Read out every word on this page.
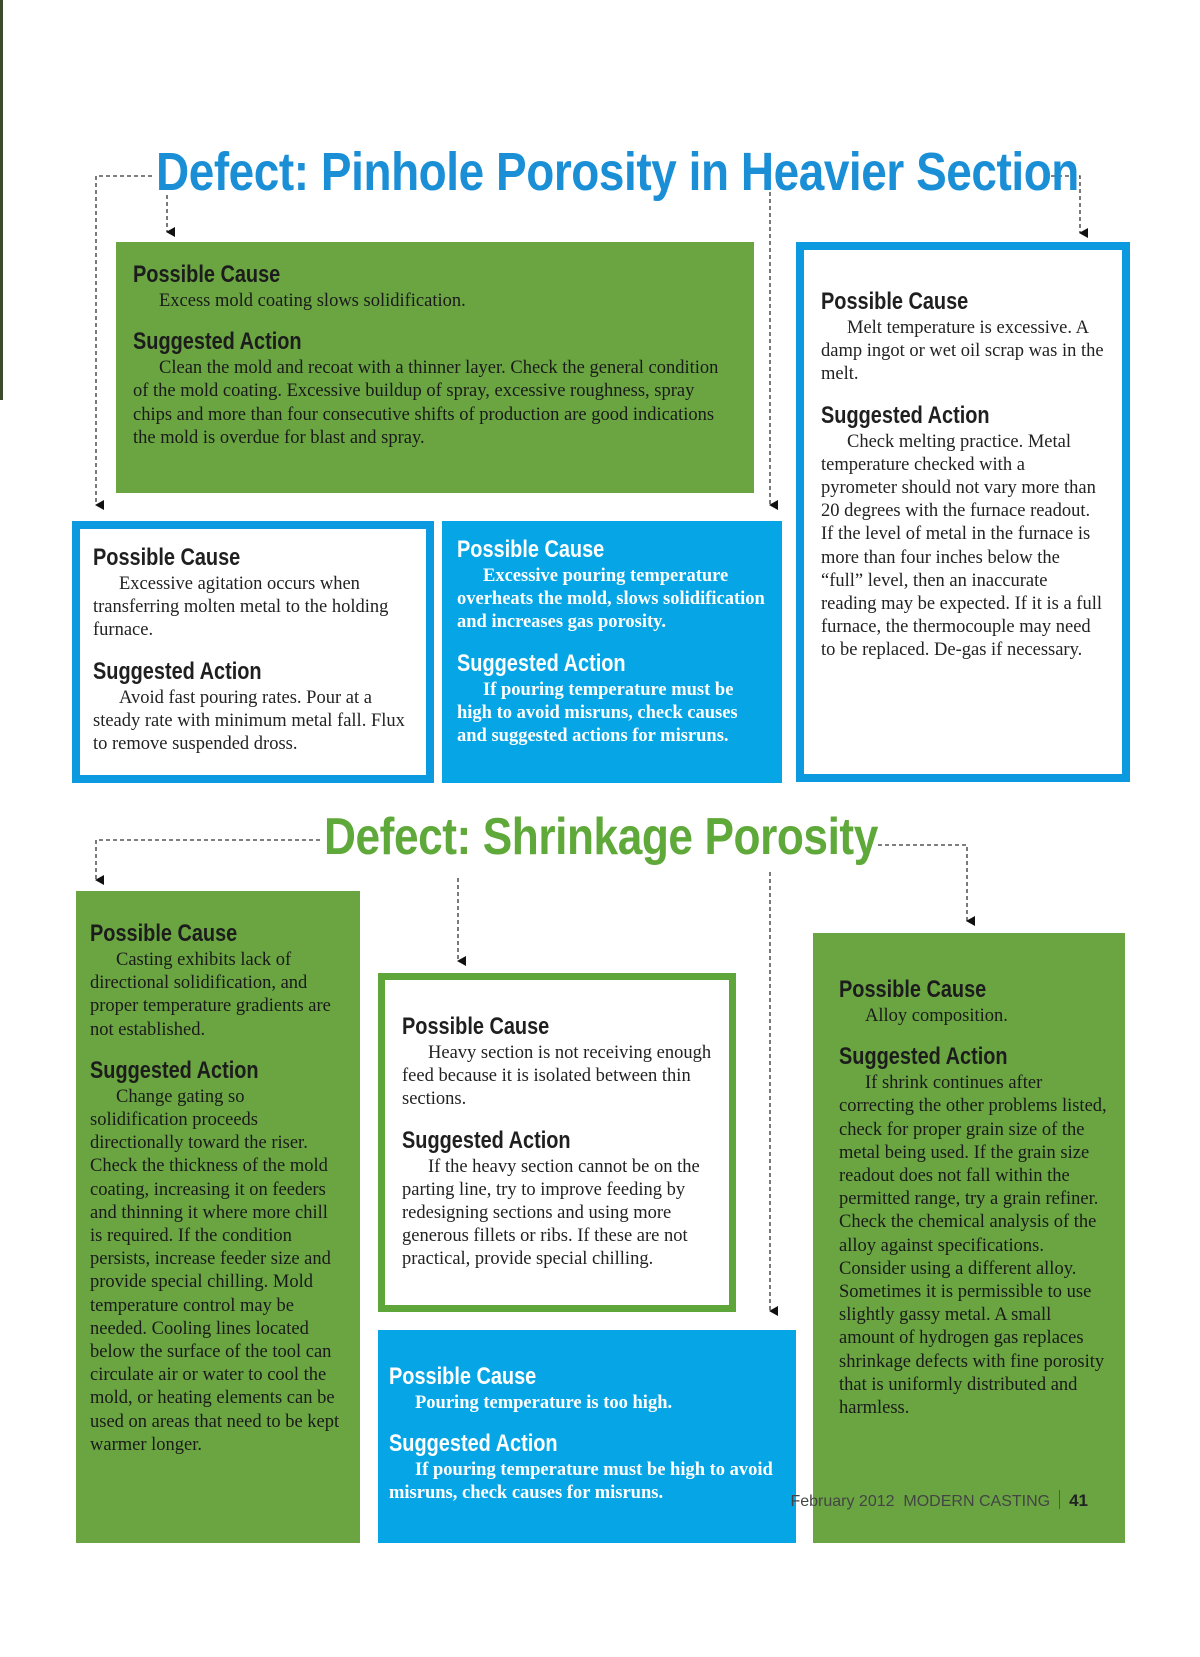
Defect: Pinhole Porosity in Heavier Section
Defect: Shrinkage Porosity
Possible Cause

Excess mold coating slows solidification.

Suggested Action

Clean the mold and recoat with a thinner layer. Check the general condition of the mold coating. Excessive buildup of spray, excessive roughness, spray chips and more than four consecutive shifts of production are good indications the mold is overdue for blast and spray.

Possible Cause

Melt temperature is excessive. A damp ingot or wet oil scrap was in the melt.

Suggested Action

Check melting practice. Metal temperature checked with a pyrometer should not vary more than 20 degrees with the furnace readout. If the level of metal in the furnace is more than four inches below the “full” level, then an inaccurate reading may be expected. If it is a full furnace, the thermocouple may need to be replaced. De-gas if necessary.

Possible Cause

Excessive agitation occurs when transferring molten metal to the holding furnace.

Suggested Action

Avoid fast pouring rates. Pour at a steady rate with minimum metal fall. Flux to remove suspended dross.

Possible Cause

Excessive pouring temperature overheats the mold, slows solidification and increases gas porosity.

Suggested Action

If pouring temperature must be high to avoid misruns, check causes and suggested actions for misruns.

Possible Cause

Casting exhibits lack of directional solidification, and proper temperature gradients are not established.

Suggested Action

Change gating so solidification proceeds directionally toward the riser. Check the thickness of the mold coating, increasing it on feeders and thinning it where more chill is required. If the condition persists, increase feeder size and provide special chilling. Mold temperature control may be needed. Cooling lines located below the surface of the tool can circulate air or water to cool the mold, or heating elements can be used on areas that need to be kept warmer longer.

Possible Cause

Heavy section is not receiving enough feed because it is isolated between thin sections.

Suggested Action

If the heavy section cannot be on the parting line, try to improve feeding by redesigning sections and using more generous fillets or ribs. If these are not practical, provide special chilling.

Possible Cause

Pouring temperature is too high.

Suggested Action

If pouring temperature must be high to avoid misruns, check causes for misruns.

Possible Cause

Alloy composition.

Suggested Action

If shrink continues after correcting the other problems listed, check for proper grain size of the metal being used. If the grain size readout does not fall within the permitted range, try a grain refiner. Check the chemical analysis of the alloy against specifications. Consider using a different alloy. Sometimes it is permissible to use slightly gassy metal. A small amount of hydrogen gas replaces shrinkage defects with fine porosity that is uniformly distributed and harmless.

February 2012 MODERN CASTING 41
